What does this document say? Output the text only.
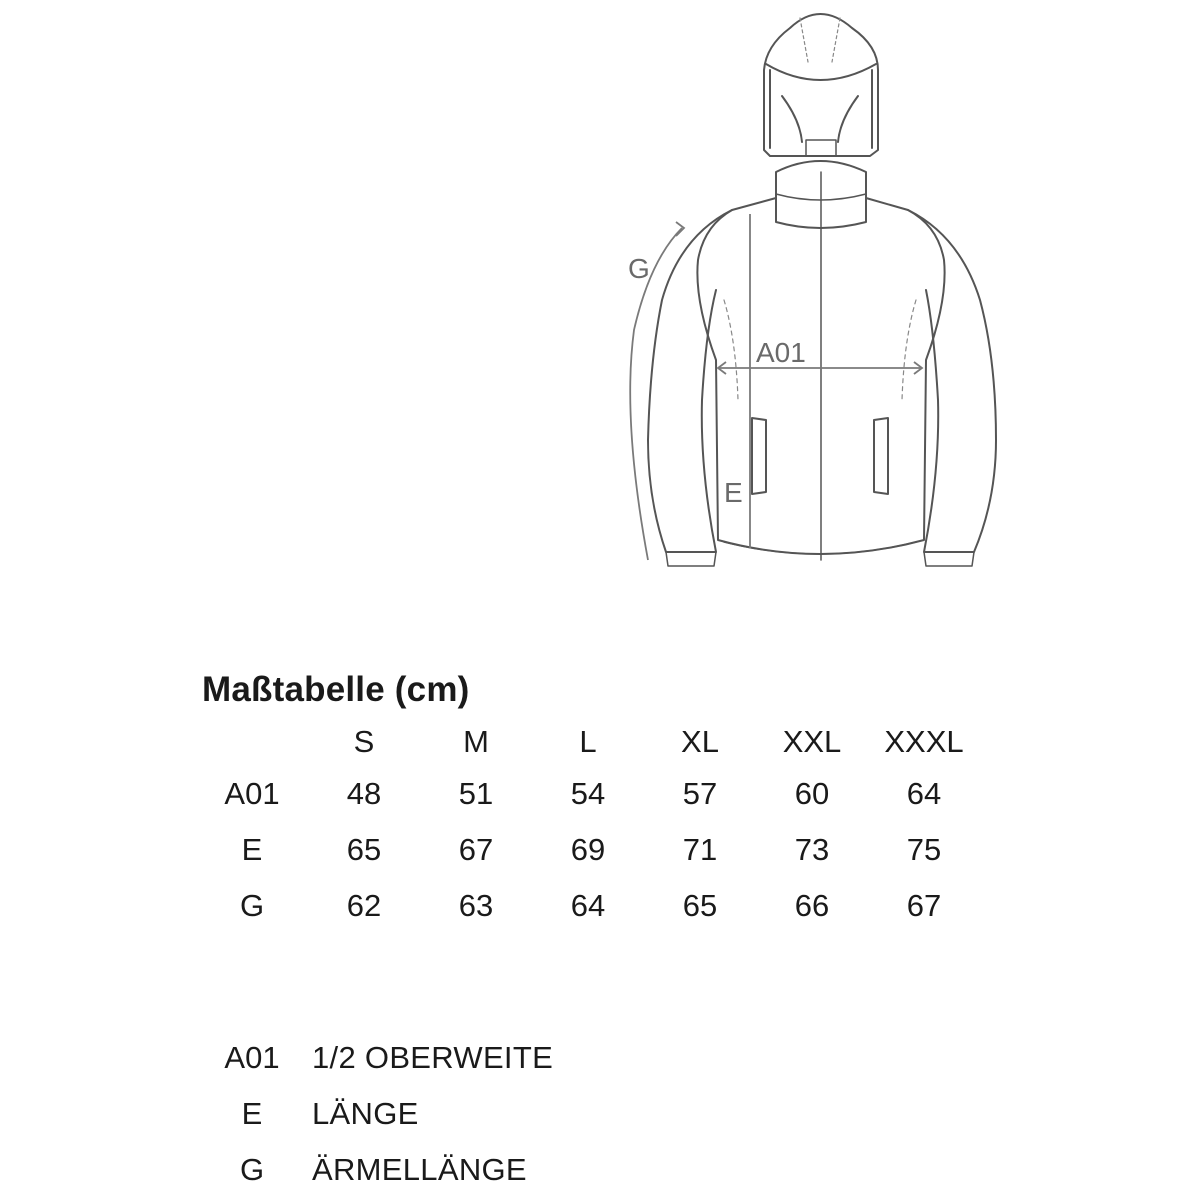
G
A01
E
Maßtabelle (cm)
	S	M	L	XL	XXL	XXXL
A01	48	51	54	57	60	64
E	65	67	69	71	73	75
G	62	63	64	65	66	67
A01	1/2 OBERWEITE
E	LÄNGE
G	ÄRMELLÄNGE
